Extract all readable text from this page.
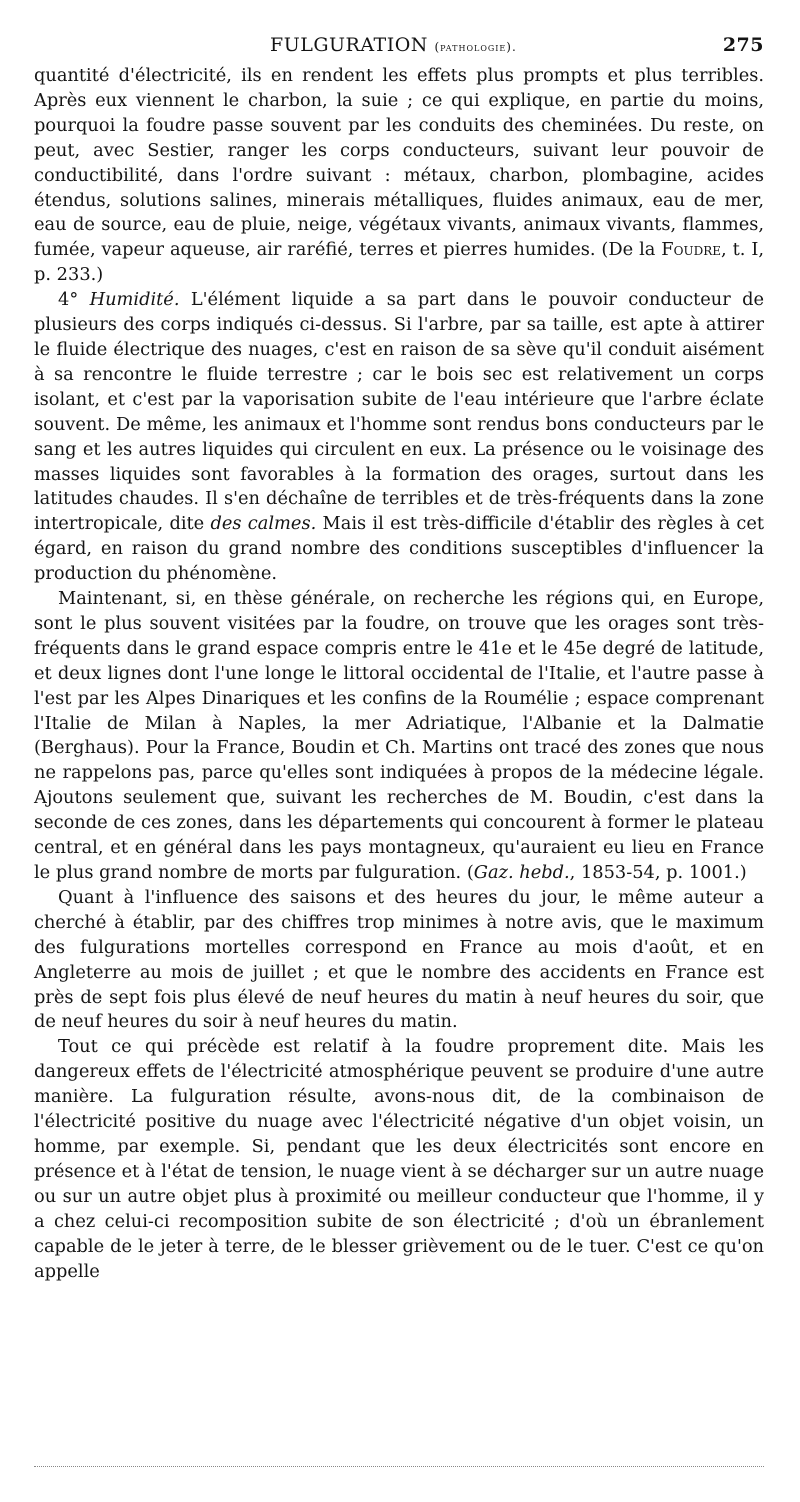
FULGURATION (pathologie).	275

quantité d'électricité, ils en rendent les effets plus prompts et plus terribles. Après eux viennent le charbon, la suie ; ce qui explique, en partie du moins, pourquoi la foudre passe souvent par les conduits des cheminées. Du reste, on peut, avec Sestier, ranger les corps conducteurs, suivant leur pouvoir de conductibilité, dans l'ordre suivant : métaux, charbon, plombagine, acides étendus, solutions salines, minerais métalliques, fluides animaux, eau de mer, eau de source, eau de pluie, neige, végétaux vivants, animaux vivants, flammes, fumée, vapeur aqueuse, air raréfié, terres et pierres humides. (De la Foudre, t. I, p. 233.)

4° Humidité. L'élément liquide a sa part dans le pouvoir conducteur de plusieurs des corps indiqués ci-dessus. Si l'arbre, par sa taille, est apte à attirer le fluide électrique des nuages, c'est en raison de sa sève qu'il conduit aisément à sa rencontre le fluide terrestre ; car le bois sec est relativement un corps isolant, et c'est par la vaporisation subite de l'eau intérieure que l'arbre éclate souvent. De même, les animaux et l'homme sont rendus bons conducteurs par le sang et les autres liquides qui circulent en eux. La présence ou le voisinage des masses liquides sont favorables à la formation des orages, surtout dans les latitudes chaudes. Il s'en déchaîne de terribles et de très-fréquents dans la zone intertropicale, dite des calmes. Mais il est très-difficile d'établir des règles à cet égard, en raison du grand nombre des conditions susceptibles d'influencer la production du phénomène.

Maintenant, si, en thèse générale, on recherche les régions qui, en Europe, sont le plus souvent visitées par la foudre, on trouve que les orages sont très-fréquents dans le grand espace compris entre le 41e et le 45e degré de latitude, et deux lignes dont l'une longe le littoral occidental de l'Italie, et l'autre passe à l'est par les Alpes Dinariques et les confins de la Roumélie ; espace comprenant l'Italie de Milan à Naples, la mer Adriatique, l'Albanie et la Dalmatie (Berghaus). Pour la France, Boudin et Ch. Martins ont tracé des zones que nous ne rappelons pas, parce qu'elles sont indiquées à propos de la médecine légale. Ajoutons seulement que, suivant les recherches de M. Boudin, c'est dans la seconde de ces zones, dans les départements qui concourent à former le plateau central, et en général dans les pays montagneux, qu'auraient eu lieu en France le plus grand nombre de morts par fulguration. (Gaz. hebd., 1853-54, p. 1001.)

Quant à l'influence des saisons et des heures du jour, le même auteur a cherché à établir, par des chiffres trop minimes à notre avis, que le maximum des fulgurations mortelles correspond en France au mois d'août, et en Angleterre au mois de juillet ; et que le nombre des accidents en France est près de sept fois plus élevé de neuf heures du matin à neuf heures du soir, que de neuf heures du soir à neuf heures du matin.

Tout ce qui précède est relatif à la foudre proprement dite. Mais les dangereux effets de l'électricité atmosphérique peuvent se produire d'une autre manière. La fulguration résulte, avons-nous dit, de la combinaison de l'électricité positive du nuage avec l'électricité négative d'un objet voisin, un homme, par exemple. Si, pendant que les deux électricités sont encore en présence et à l'état de tension, le nuage vient à se décharger sur un autre nuage ou sur un autre objet plus à proximité ou meilleur conducteur que l'homme, il y a chez celui-ci recomposition subite de son électricité ; d'où un ébranlement capable de le jeter à terre, de le blesser grièvement ou de le tuer. C'est ce qu'on appelle
